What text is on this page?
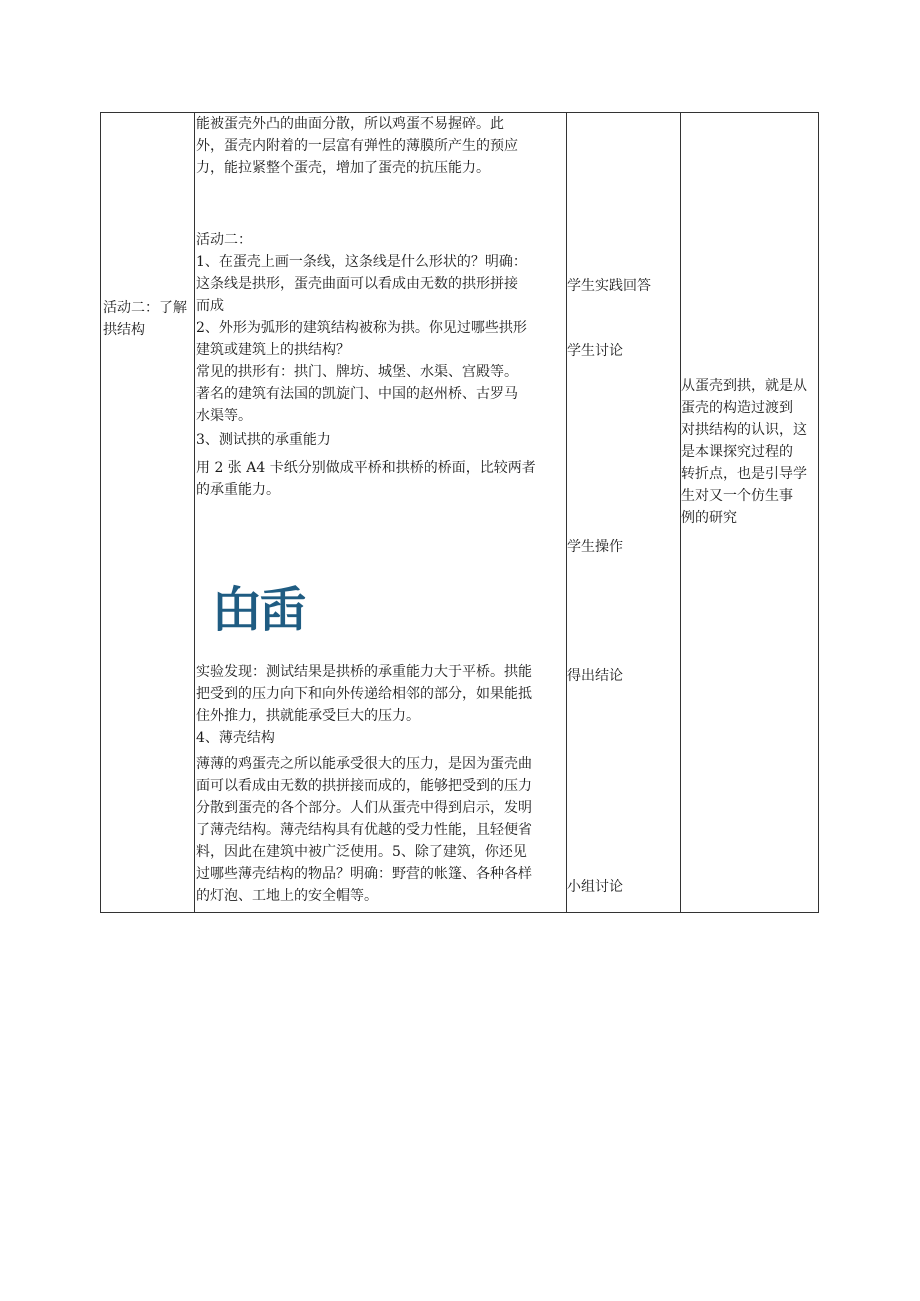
活动二：了解拱结构

能被蛋壳外凸的曲面分散，所以鸡蛋不易握碎。此

外，蛋壳内附着的一层富有弹性的薄膜所产生的预应

力，能拉紧整个蛋壳，增加了蛋壳的抗压能力。

活动二：

1、在蛋壳上画一条线，这条线是什么形状的？明确：

这条线是拱形，蛋壳曲面可以看成由无数的拱形拼接

而成

2、外形为弧形的建筑结构被称为拱。你见过哪些拱形

建筑或建筑上的拱结构？

常见的拱形有：拱门、牌坊、城堡、水渠、宫殿等。

著名的建筑有法国的凯旋门、中国的赵州桥、古罗马

水渠等。

3、测试拱的承重能力

用 2 张 A4 卡纸分别做成平桥和拱桥的桥面，比较两者

的承重能力。

甶臿

实验发现：测试结果是拱桥的承重能力大于平桥。拱能

把受到的压力向下和向外传递给相邻的部分，如果能抵

住外推力，拱就能承受巨大的压力。

4、薄壳结构

薄薄的鸡蛋壳之所以能承受很大的压力，是因为蛋壳曲

面可以看成由无数的拱拼接而成的，能够把受到的压力

分散到蛋壳的各个部分。人们从蛋壳中得到启示，发明

了薄壳结构。薄壳结构具有优越的受力性能，且轻便省

料，因此在建筑中被广泛使用。5、除了建筑，你还见

过哪些薄壳结构的物品？明确：野营的帐篷、各种各样

的灯泡、工地上的安全帽等。

学生实践回答
学生讨论
学生操作
得出结论
小组讨论

从蛋壳到拱，就是从

蛋壳的构造过渡到

对拱结构的认识，这

是本课探究过程的

转折点，也是引导学

生对又一个仿生事

例的研究
